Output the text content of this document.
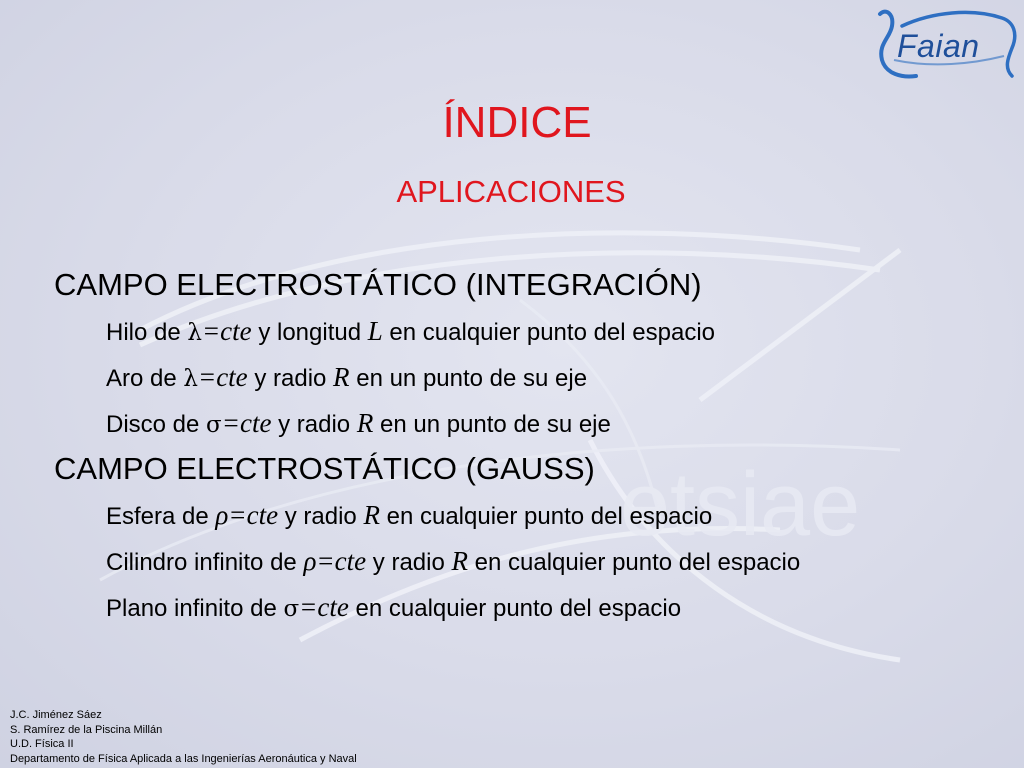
etsiae
Faian
ÍNDICE
APLICACIONES
CAMPO ELECTROSTÁTICO (INTEGRACIÓN)
Hilo de λ=cte y longitud L en cualquier punto del espacio
Aro de λ=cte y radio R en un punto de su eje
Disco de σ=cte y radio R en un punto de su eje
CAMPO ELECTROSTÁTICO (GAUSS)
Esfera de ρ=cte y radio R en cualquier punto del espacio
Cilindro infinito de ρ=cte y radio R en cualquier punto del espacio
Plano infinito de σ=cte en cualquier punto del espacio
J.C. Jiménez Sáez
S. Ramírez de la Piscina Millán
U.D. Física II
Departamento de Física Aplicada a las Ingenierías Aeronáutica y Naval
